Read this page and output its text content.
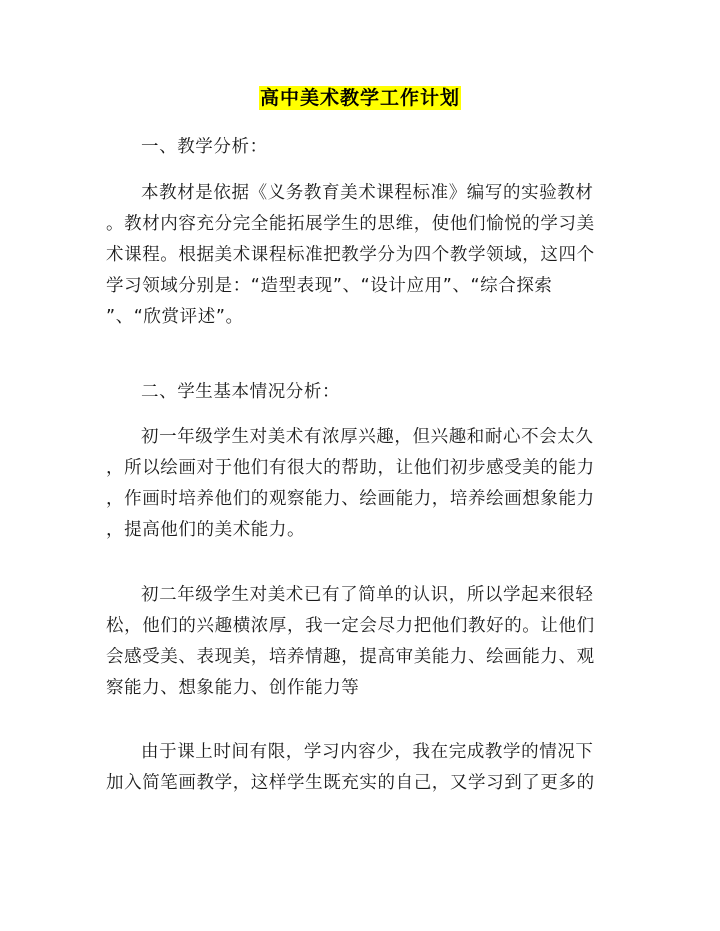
高中美术教学工作计划
一、教学分析：
本教材是依据《义务教育美术课程标准》编写的实验教材
。教材内容充分完全能拓展学生的思维，使他们愉悦的学习美
术课程。根据美术课程标准把教学分为四个教学领域，这四个
学习领域分别是：“造型表现”、“设计应用”、“综合探索
”、“欣赏评述”。
二、学生基本情况分析：
初一年级学生对美术有浓厚兴趣，但兴趣和耐心不会太久
，所以绘画对于他们有很大的帮助，让他们初步感受美的能力
，作画时培养他们的观察能力、绘画能力，培养绘画想象能力
，提高他们的美术能力。
初二年级学生对美术已有了简单的认识，所以学起来很轻
松，他们的兴趣横浓厚，我一定会尽力把他们教好的。让他们
会感受美、表现美，培养情趣，提高审美能力、绘画能力、观
察能力、想象能力、创作能力等
由于课上时间有限，学习内容少，我在完成教学的情况下
加入简笔画教学，这样学生既充实的自己，又学习到了更多的
